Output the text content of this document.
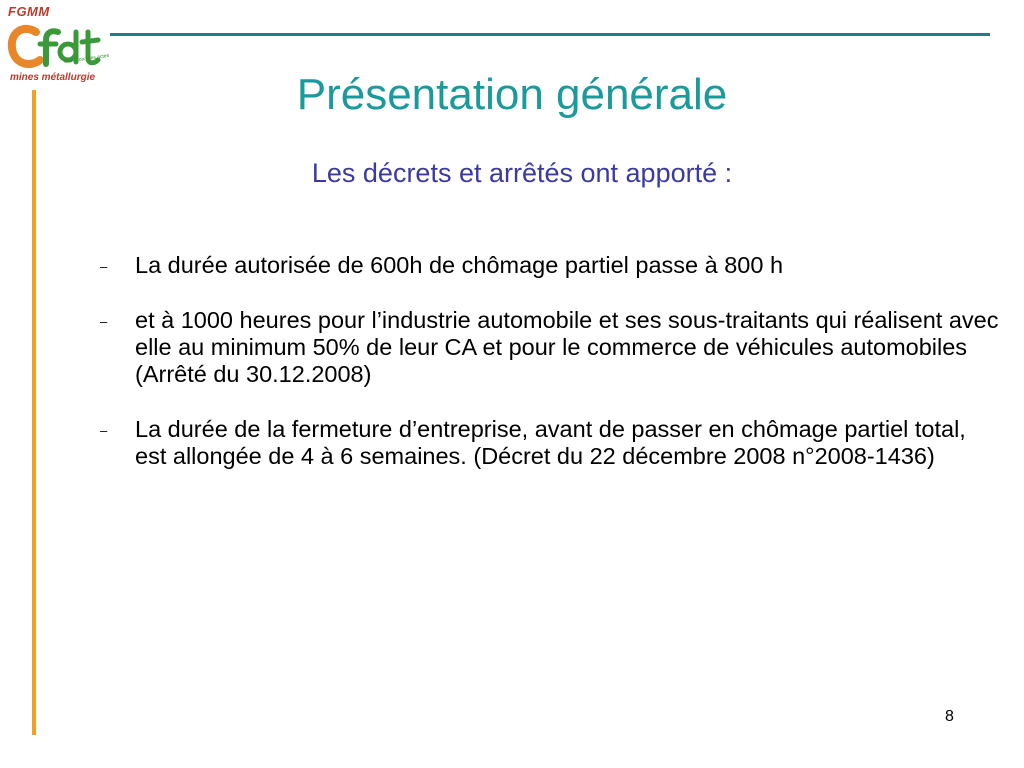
FGMM
des choix, des actes
mines métallurgie	Présentation générale
Les décrets et arrêtés ont apporté :
– La durée autorisée de 600h de chômage partiel passe à 800 h
– et à 1000 heures pour l’industrie automobile et ses sous-traitants qui réalisent avec elle au minimum 50% de leur CA et pour le commerce de véhicules automobiles (Arrêté du 30.12.2008)
– La durée de la fermeture d’entreprise, avant de passer en chômage partiel total, est allongée de 4 à 6 semaines. (Décret du 22 décembre 2008 n°2008-1436)
8
